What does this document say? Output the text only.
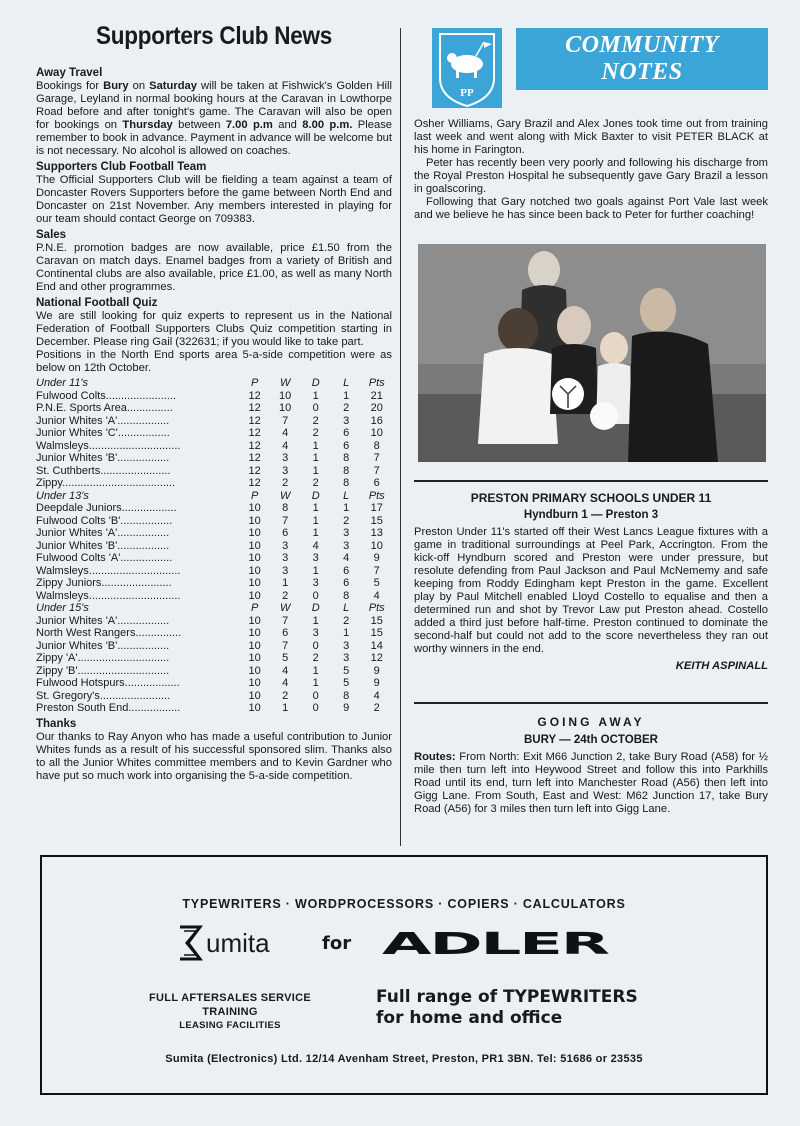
Supporters Club News
Away Travel
Bookings for Bury on Saturday will be taken at Fishwick's Golden Hill Garage, Leyland in normal booking hours at the Caravan in Lowthorpe Road before and after tonight's game. The Caravan will also be open for bookings on Thursday between 7.00 p.m and 8.00 p.m. Please remember to book in advance. Payment in advance will be welcome but is not necessary. No alcohol is allowed on coaches.
Supporters Club Football Team
The Official Supporters Club will be fielding a team against a team of Doncaster Rovers Supporters before the game between North End and Doncaster on 21st November. Any members interested in playing for our team should contact George on 709383.
Sales
P.N.E. promotion badges are now available, price £1.50 from the Caravan on match days. Enamel badges from a variety of British and Continental clubs are also available, price £1.00, as well as many North End and other programmes.
National Football Quiz
We are still looking for quiz experts to represent us in the National Federation of Football Supporters Clubs Quiz competition starting in December. Please ring Gail (322631; if you would like to take part.
Positions in the North End sports area 5-a-side competition were as below on 12th October.
Under 11's	P	W	D	L	Pts
Fulwood Colts.......................	12	10	1	1	21
P.N.E. Sports Area...............	12	10	0	2	20
Junior Whites 'A'.................	12	7	2	3	16
Junior Whites 'C'.................	12	4	2	6	10
Walmsleys..............................	12	4	1	6	8
Junior Whites 'B'.................	12	3	1	8	7
St. Cuthberts.......................	12	3	1	8	7
Zippy.....................................	12	2	2	8	6
Under 13's	P	W	D	L	Pts
Deepdale Juniors..................	10	8	1	1	17
Fulwood Colts 'B'.................	10	7	1	2	15
Junior Whites 'A'.................	10	6	1	3	13
Junior Whites 'B'.................	10	3	4	3	10
Fulwood Colts 'A'.................	10	3	3	4	9
Walmsleys..............................	10	3	1	6	7
Zippy Juniors.......................	10	1	3	6	5
Walmsleys..............................	10	2	0	8	4
Under 15's	P	W	D	L	Pts
Junior Whites 'A'.................	10	7	1	2	15
North West Rangers...............	10	6	3	1	15
Junior Whites 'B'.................	10	7	0	3	14
Zippy 'A'..............................	10	5	2	3	12
Zippy 'B'..............................	10	4	1	5	9
Fulwood Hotspurs..................	10	4	1	5	9
St. Gregory's.......................	10	2	0	8	4
Preston South End.................	10	1	0	9	2
Thanks
Our thanks to Ray Anyon who has made a useful contribution to Junior Whites funds as a result of his successful sponsored slim. Thanks also to all the Junior Whites committee members and to Kevin Gardner who have put so much work into organising the 5-a-side competition.
PP
COMMUNITY
NOTES

Osher Williams, Gary Brazil and Alex Jones took time out from training last week and went along with Mick Baxter to visit PETER BLACK at his home in Farington.

Peter has recently been very poorly and following his discharge from the Royal Preston Hospital he subsequently gave Gary Brazil a lesson in goalscoring.

Following that Gary notched two goals against Port Vale last week and we believe he has since been back to Peter for further coaching!

PRESTON PRIMARY SCHOOLS UNDER 11
Hyndburn 1 — Preston 3
Preston Under 11's started off their West Lancs League fixtures with a game in traditional surroundings at Peel Park, Accrington. From the kick-off Hyndburn scored and Preston were under pressure, but resolute defending from Paul Jackson and Paul McNememy and safe keeping from Roddy Edingham kept Preston in the game. Excellent play by Paul Mitchell enabled Lloyd Costello to equalise and then a determined run and shot by Trevor Law put Preston ahead. Costello added a third just before half-time. Preston continued to dominate the second-half but could not add to the score nevertheless they ran out worthy winners in the end.
KEITH ASPINALL
GOING AWAY
BURY — 24th OCTOBER
Routes: From North: Exit M66 Junction 2, take Bury Road (A58) for ½ mile then turn left into Heywood Street and follow this into Parkhills Road until its end, turn left into Manchester Road (A56) then left into Gigg Lane. From South, East and West: M62 Junction 17, take Bury Road (A56) for 3 miles then turn left into Gigg Lane.
TYPEWRITERS · WORDPROCESSORS · COPIERS · CALCULATORS
umita	for ADLER
FULL AFTERSALES SERVICE
TRAINING
LEASING FACILITIES
Full range of TYPEWRITERS
for home and office
Sumita (Electronics) Ltd. 12/14 Avenham Street, Preston, PR1 3BN. Tel: 51686 or 23535
